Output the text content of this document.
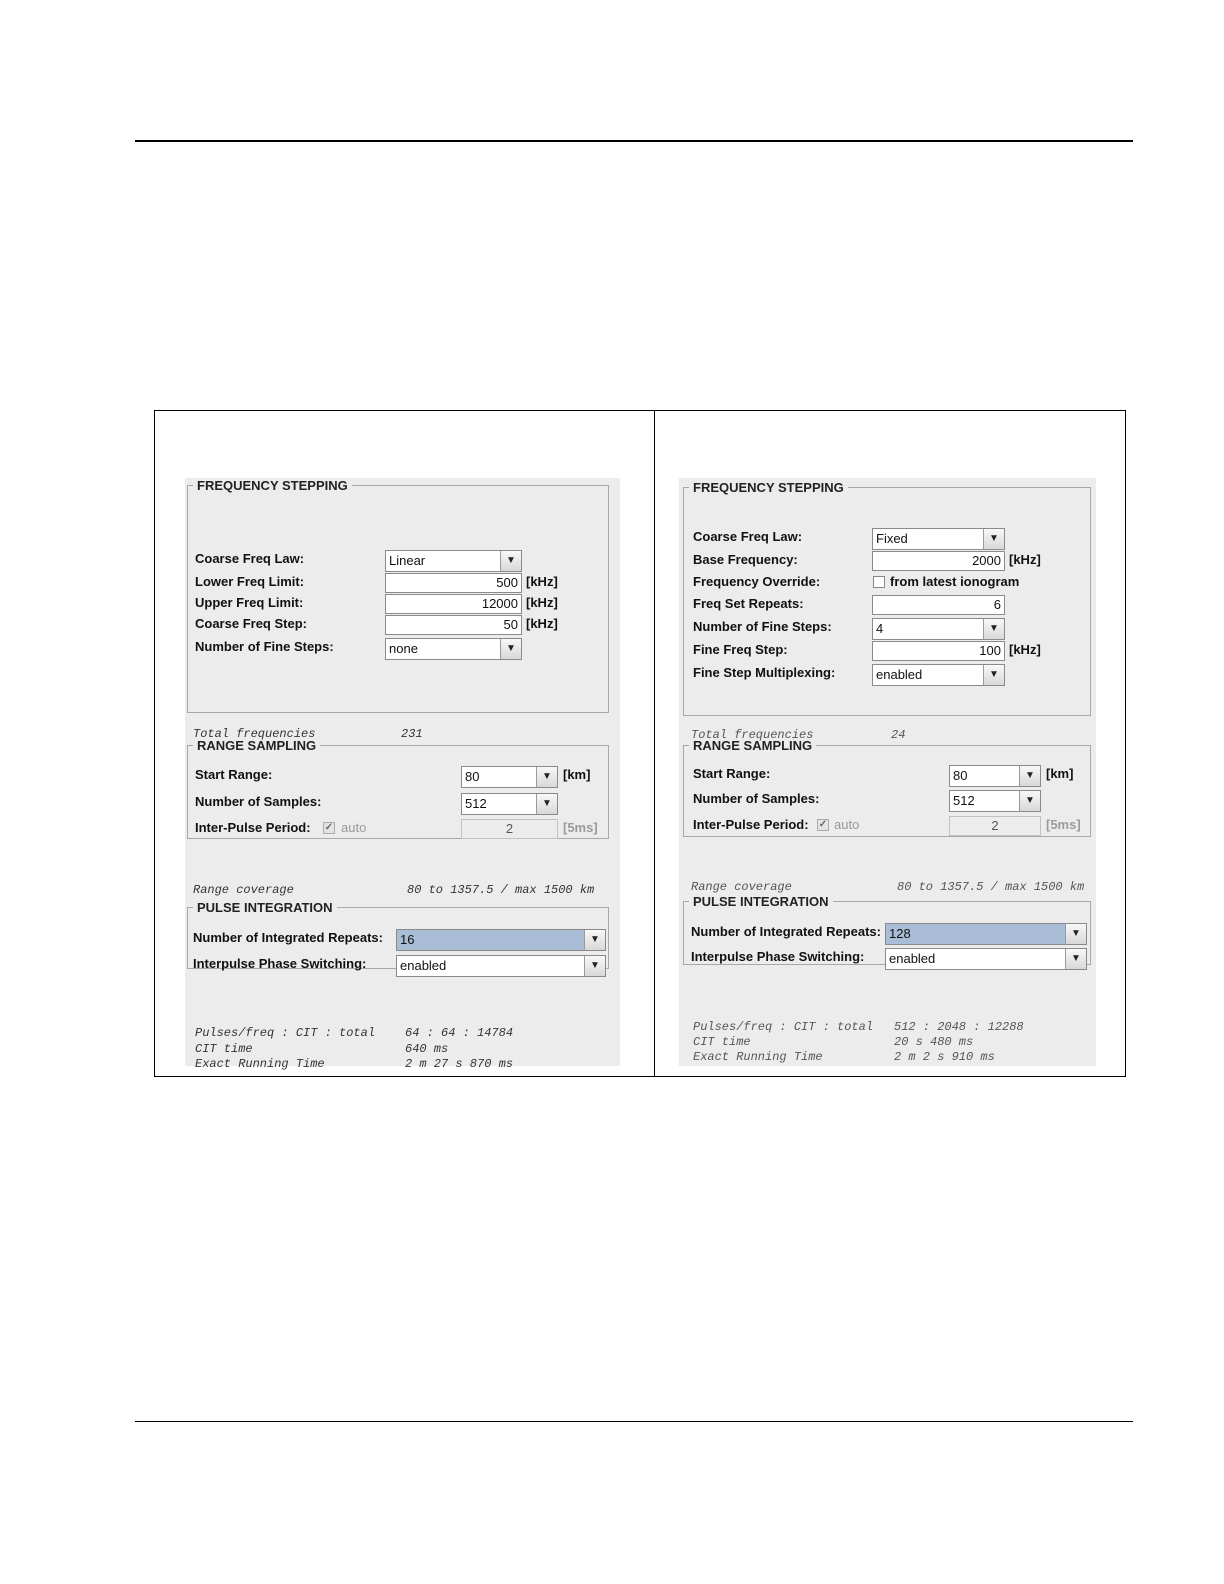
FREQUENCY STEPPING
Coarse Freq Law:	Linear	▼
Lower Freq Limit:	500 [kHz]
Upper Freq Limit:	12000 [kHz]
Coarse Freq Step:	50 [kHz]
Number of Fine Steps:	none	▼
Total frequencies	231
RANGE SAMPLING
Start Range:	80	▼ [km]
Number of Samples:	512	▼
Inter-Pulse Period: ✓ auto	2	[5ms]
Range coverage	80 to 1357.5 / max 1500 km
PULSE INTEGRATION
Number of Integrated Repeats: 16	▼
Interpulse Phase Switching:	enabled	▼
Pulses/freq : CIT : total 64 : 64 : 14784
CIT time	640 ms
Exact Running Time	2 m 27 s 870 ms
FREQUENCY STEPPING
Coarse Freq Law:	Fixed	▼
Base Frequency:	2000 [kHz]
Frequency Override:	from latest ionogram
Freq Set Repeats:	6
Number of Fine Steps:	4	▼
Fine Freq Step:	100 [kHz]
Fine Step Multiplexing:	enabled	▼
Total frequencies	24
RANGE SAMPLING
Start Range:	80	▼ [km]
Number of Samples:	512	▼
Inter-Pulse Period: ✓ auto	2	[5ms]
Range coverage	80 to 1357.5 / max 1500 km
PULSE INTEGRATION
Number of Integrated Repeats: 128	▼
Interpulse Phase Switching: enabled	▼
Pulses/freq : CIT : total 512 : 2048 : 12288
CIT time	20 s 480 ms
Exact Running Time	2 m 2 s 910 ms
